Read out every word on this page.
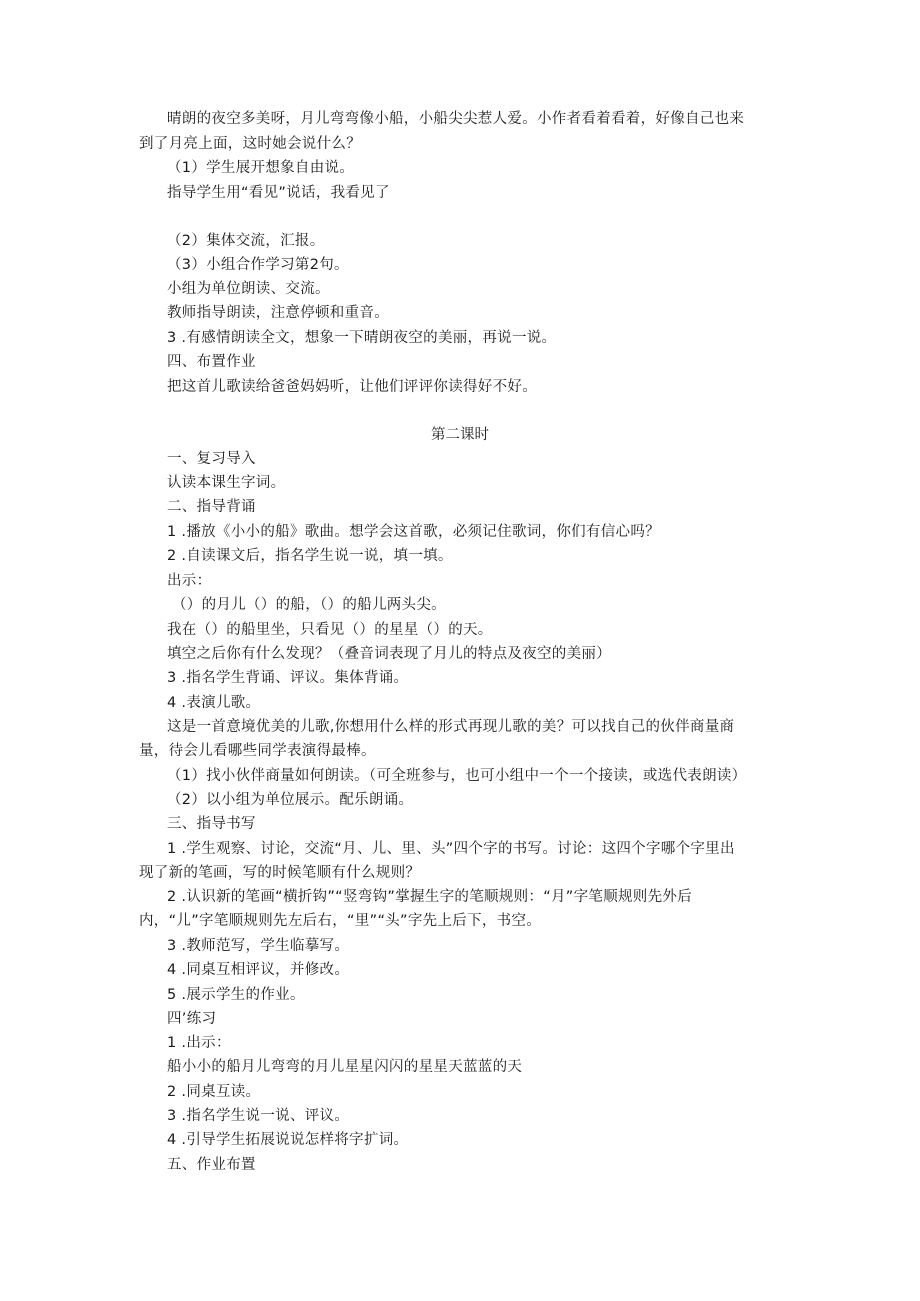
晴朗的夜空多美呀，月儿弯弯像小船，小船尖尖惹人爱。小作者看着看着，好像自己也来
到了月亮上面，这时她会说什么？
（1）学生展开想象自由说。
指导学生用“看见”说话，我看见了
（2）集体交流，汇报。
（3）小组合作学习第2句。
小组为单位朗读、交流。
教师指导朗读，注意停顿和重音。
3 .有感情朗读全文，想象一下晴朗夜空的美丽，再说一说。
四、布置作业
把这首儿歌读给爸爸妈妈听，让他们评评你读得好不好。
第二课时
一、复习导入
认读本课生字词。
二、指导背诵
1 .播放《小小的船》歌曲。想学会这首歌，必须记住歌词，你们有信心吗？
2 .自读课文后，指名学生说一说，填一填。
出示：
（）的月儿（）的船，（）的船儿两头尖。
我在（）的船里坐，只看见（）的星星（）的天。
填空之后你有什么发现？（叠音词表现了月儿的特点及夜空的美丽）
3 .指名学生背诵、评议。集体背诵。
4 .表演儿歌。
这是一首意境优美的儿歌,你想用什么样的形式再现儿歌的美？可以找自己的伙伴商量商
量，待会儿看哪些同学表演得最棒。
（1）找小伙伴商量如何朗读。（可全班参与，也可小组中一个一个接读，或选代表朗读）
（2）以小组为单位展示。配乐朗诵。
三、指导书写
1 .学生观察、讨论，交流“月、儿、里、头”四个字的书写。讨论：这四个字哪个字里出
现了新的笔画，写的时候笔顺有什么规则？
2 .认识新的笔画“横折钩”“竖弯钩”掌握生字的笔顺规则：“月”字笔顺规则先外后
内，“儿”字笔顺规则先左后右，“里”“头”字先上后下，书空。
3 .教师范写，学生临摹写。
4 .同桌互相评议，并修改。
5 .展示学生的作业。
四’练习
1 .出示：
船小小的船月儿弯弯的月儿星星闪闪的星星天蓝蓝的天
2 .同桌互读。
3 .指名学生说一说、评议。
4 .引导学生拓展说说怎样将字扩词。
五、作业布置
